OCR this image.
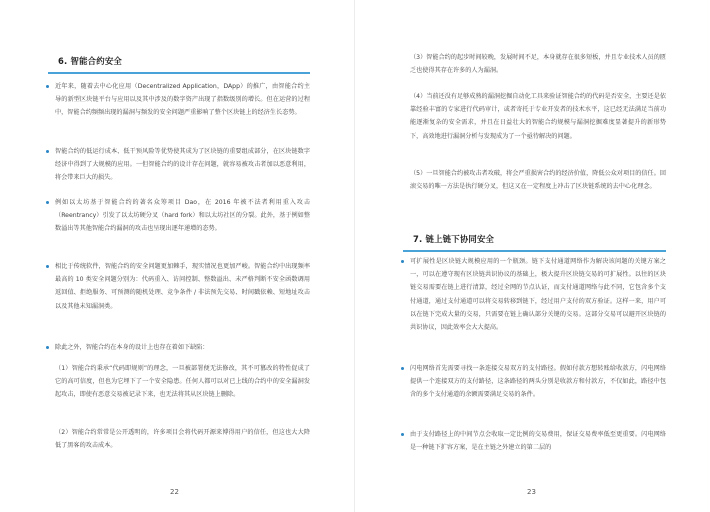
6. 智能合约安全
近年来，随着去中心化应用（Decentralized Application，DApp）的推广，由智能合约主导的新型区块链平台与应用以及其中涉及的数字资产出现了指数级别的增长。但在运营的过程中，智能合约频频出现的漏洞与频发的安全问题严重影响了整个区块链上的经济生长态势。
智能合约的低运行成本、低干预风险等优势使其成为了区块链的重要组成部分，在区块链数字经济中得到了大规模的应用。一但智能合约的设计存在问题，就容易被攻击者加以恶意利用，将会带来巨大的损失。
例如以太坊基于智能合约的著名众筹项目 Dao，在 2016 年被不法者利用重入攻击（Reentrancy）引发了以太坊硬分叉（hard fork）和以太坊社区的分裂。此外，基于例如整数溢出等其他智能合约漏洞的攻击也呈现出逐年递增的态势。
相比于传统软件，智能合约的安全问题更加棘手，现实情况也更加严峻。智能合约中出现频率最高的 10 类安全问题分别为：代码重入、访问控制、整数溢出、未严格判断不安全函数调用返回值、拒绝服务、可预测的随机处理、竞争条件 / 非法预先交易、时间戳依赖、短地址攻击以及其他未知漏洞类。
除此之外，智能合约在本身的设计上也存在着如下缺陷：
（1）智能合约秉承“代码即规则”的理念，一旦被部署便无法修改，其不可篡改的特性促成了它的高可信度，但也为它埋下了一个安全隐患。任何人都可以对已上线的合约中的安全漏洞发起攻击，即使有恶意交易被记录下来，也无法将其从区块链上删除。
（2）智能合约常常是公开透明的，许多项目会将代码开源来博得用户的信任，但这也大大降低了黑客的攻击成本。
22
（3）智能合约的起步时间较晚，发展时间不足，本身就存在很多短板，并且专业技术人员的匮乏也使得其存在许多的人为漏洞。
（4）当前还没有足够成熟的漏洞挖掘自动化工具来验证智能合约的代码是否安全，主要还是依靠经验丰富的专家进行代码审计，或者寄托于专业开发者的技术水平，这已经无法满足当前功能逐渐复杂的安全需求，并且在日益壮大的智能合约规模与漏洞挖掘难度显著提升的新形势下，高效地进行漏洞分析与发现成为了一个亟待解决的问题。
（5）一旦智能合约被攻击者攻破，将会严重损害合约的经济价值，降低公众对项目的信任。回滚交易的唯一方法是执行硬分叉，但这又在一定程度上冲击了区块链系统的去中心化理念。
7. 链上链下协同安全
可扩展性是区块链大规模应用的一个瓶颈。链下支付通道网络作为解决该问题的关键方案之一，可以在遵守现有区块链共识协议的基础上，极大提升区块链交易的可扩展性。以往的区块链交易需要在链上进行清算，经过全网的节点认证，而支付通道网络与此不同，它包含多个支付通道，通过支付通道可以将交易转移到链下，经过用户支付的双方验证。这样一来，用户可以在链下完成大量的交易，只需要在链上确认部分关键的交易。这部分交易可以避开区块链的共识协议，因此效率会大大提高。
闪电网络首先需要寻找一条连接交易双方的支付路径。假如付款方想转账给收款方，闪电网络提供一个连接双方的支付路径，这条路径的两头分别是收款方和付款方，不仅如此，路径中包含的多个支付通道的余额需要满足交易的条件。
由于支付路径上的中间节点会收取一定比例的交易费用，保证交易费率低至更重要。闪电网络是一种链下扩容方案，是在主链之外建立的第二层的
23
